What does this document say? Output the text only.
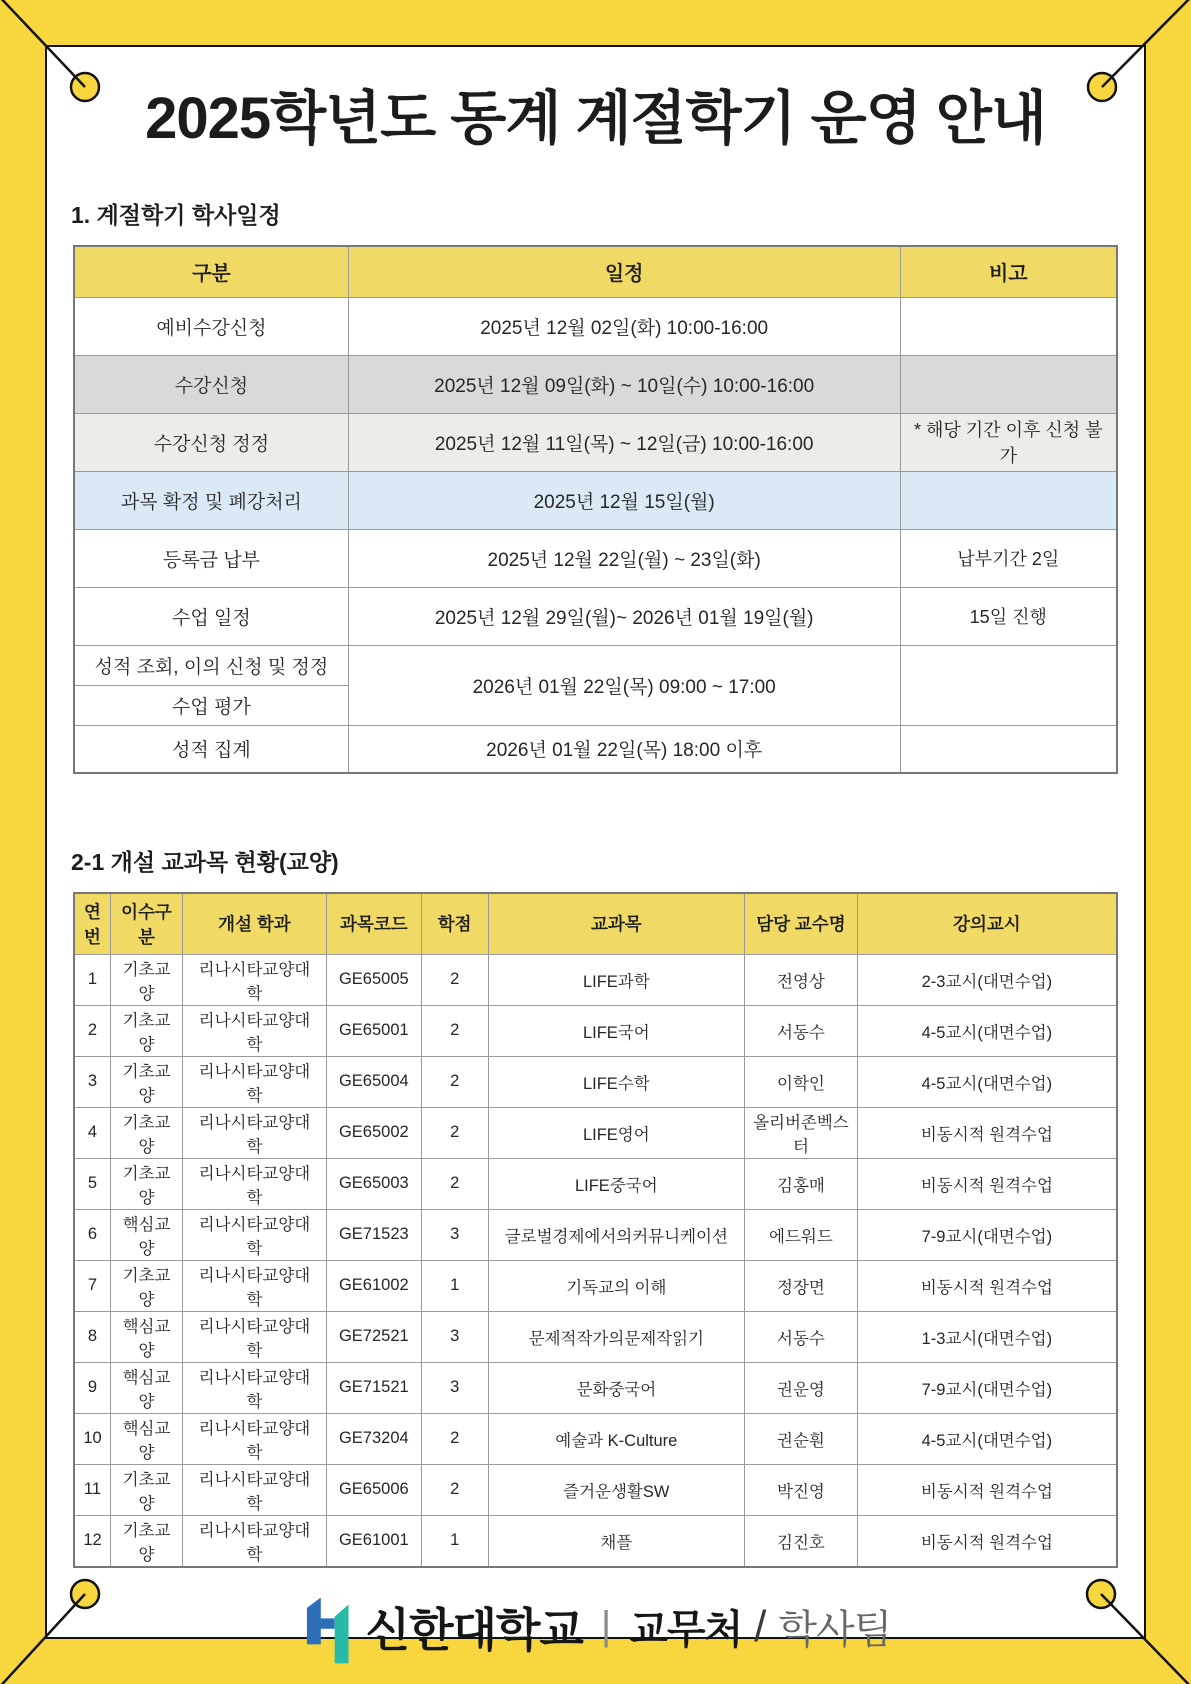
2025학년도 동계 계절학기 운영 안내
1. 계절학기 학사일정
구분	일정	비고
예비수강신청	2025년 12월 02일(화) 10:00-16:00	
수강신청	2025년 12월 09일(화) ~ 10일(수) 10:00-16:00	
수강신청 정정	2025년 12월 11일(목) ~ 12일(금) 10:00-16:00	* 해당 기간 이후 신청 불가
과목 확정 및 폐강처리	2025년 12월 15일(월)	
등록금 납부	2025년 12월 22일(월) ~ 23일(화)	납부기간 2일
수업 일정	2025년 12월 29일(월)~ 2026년 01월 19일(월)	15일 진행
성적 조회, 이의 신청 및 정정	2026년 01월 22일(목) 09:00 ~ 17:00	
수업 평가		
성적 집계	2026년 01월 22일(목) 18:00 이후	
2-1 개설 교과목 현황(교양)
연번	이수구분	개설 학과	과목코드	학점	교과목	담당 교수명	강의교시
1	기초교양	리나시타교양대학	GE65005	2	LIFE과학	전영상	2-3교시(대면수업)
2	기초교양	리나시타교양대학	GE65001	2	LIFE국어	서동수	4-5교시(대면수업)
3	기초교양	리나시타교양대학	GE65004	2	LIFE수학	이학인	4-5교시(대면수업)
4	기초교양	리나시타교양대학	GE65002	2	LIFE영어	올리버존벡스터	비동시적 원격수업
5	기초교양	리나시타교양대학	GE65003	2	LIFE중국어	김홍매	비동시적 원격수업
6	핵심교양	리나시타교양대학	GE71523	3	글로벌경제에서의커뮤니케이션	에드워드	7-9교시(대면수업)
7	기초교양	리나시타교양대학	GE61002	1	기독교의 이해	정장면	비동시적 원격수업
8	핵심교양	리나시타교양대학	GE72521	3	문제적작가의문제작읽기	서동수	1-3교시(대면수업)
9	핵심교양	리나시타교양대학	GE71521	3	문화중국어	권운영	7-9교시(대면수업)
10	핵심교양	리나시타교양대학	GE73204	2	예술과 K-Culture	권순훤	4-5교시(대면수업)
11	기초교양	리나시타교양대학	GE65006	2	즐거운생활SW	박진영	비동시적 원격수업
12	기초교양	리나시타교양대학	GE61001	1	채플	김진호	비동시적 원격수업
신한대학교 | 교무처 / 학사팀
